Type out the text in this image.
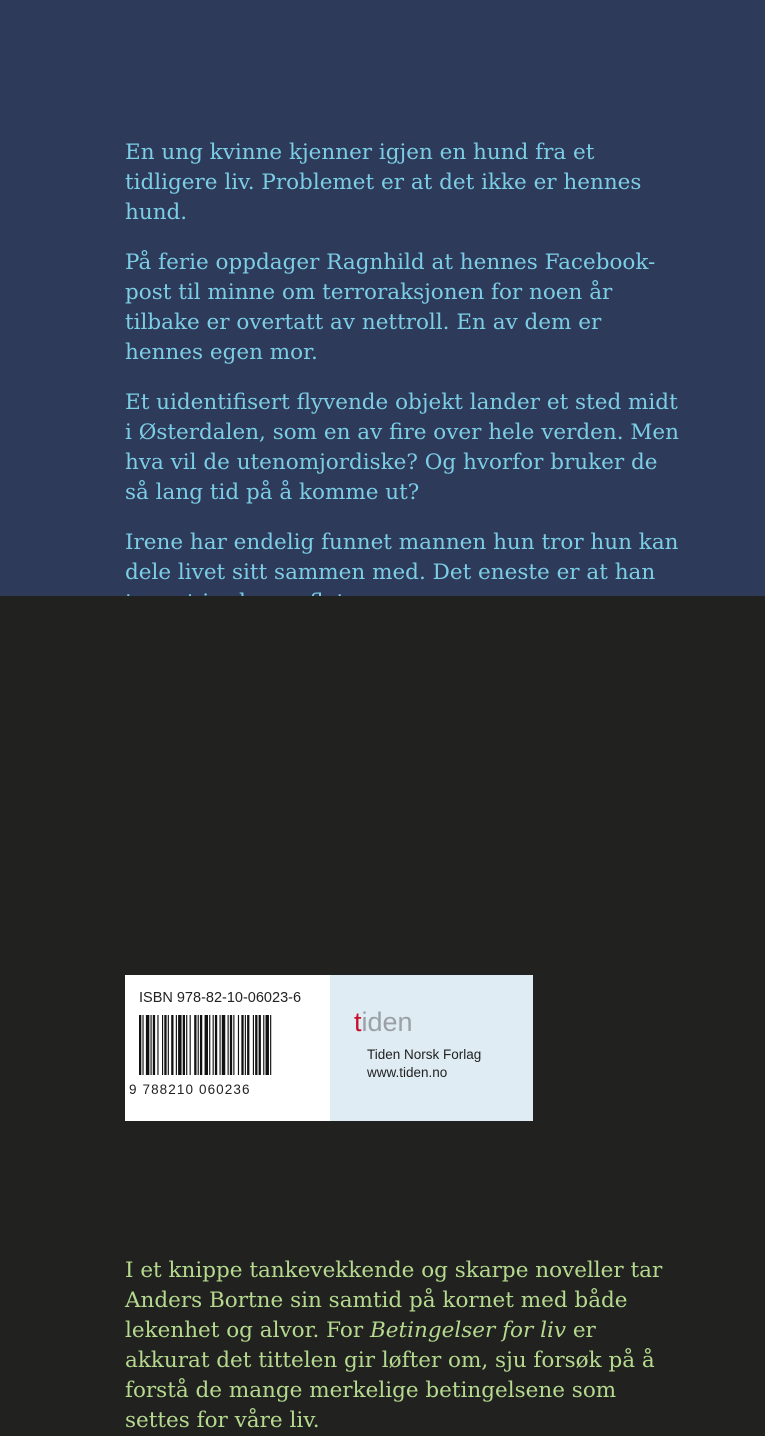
En ung kvinne kjenner igjen en hund fra et tidligere liv. Problemet er at det ikke er hennes hund.

På ferie oppdager Ragnhild at hennes Facebook-post til minne om terroraksjonen for noen år tilbake er overtatt av nettroll. En av dem er hennes egen mor.

Et uidentifisert flyvende objekt lander et sted midt i Østerdalen, som en av fire over hele verden. Men hva vil de utenomjordiske? Og hvorfor bruker de så lang tid på å komme ut?

Irene har endelig funnet mannen hun tror hun kan dele livet sitt sammen med. Det eneste er at han

I et knippe tankevekkende og skarpe noveller tar Anders Bortne sin samtid på kornet med både lekenhet og alvor. For Betingelser for liv er akkurat det tittelen gir løfter om, sju forsøk på å forstå de mange merkelige betingelsene som settes for våre liv.

ISBN 978-82-10-06023-6
9 788210 060236
tiden
Tiden Norsk Forlag
www.tiden.no
